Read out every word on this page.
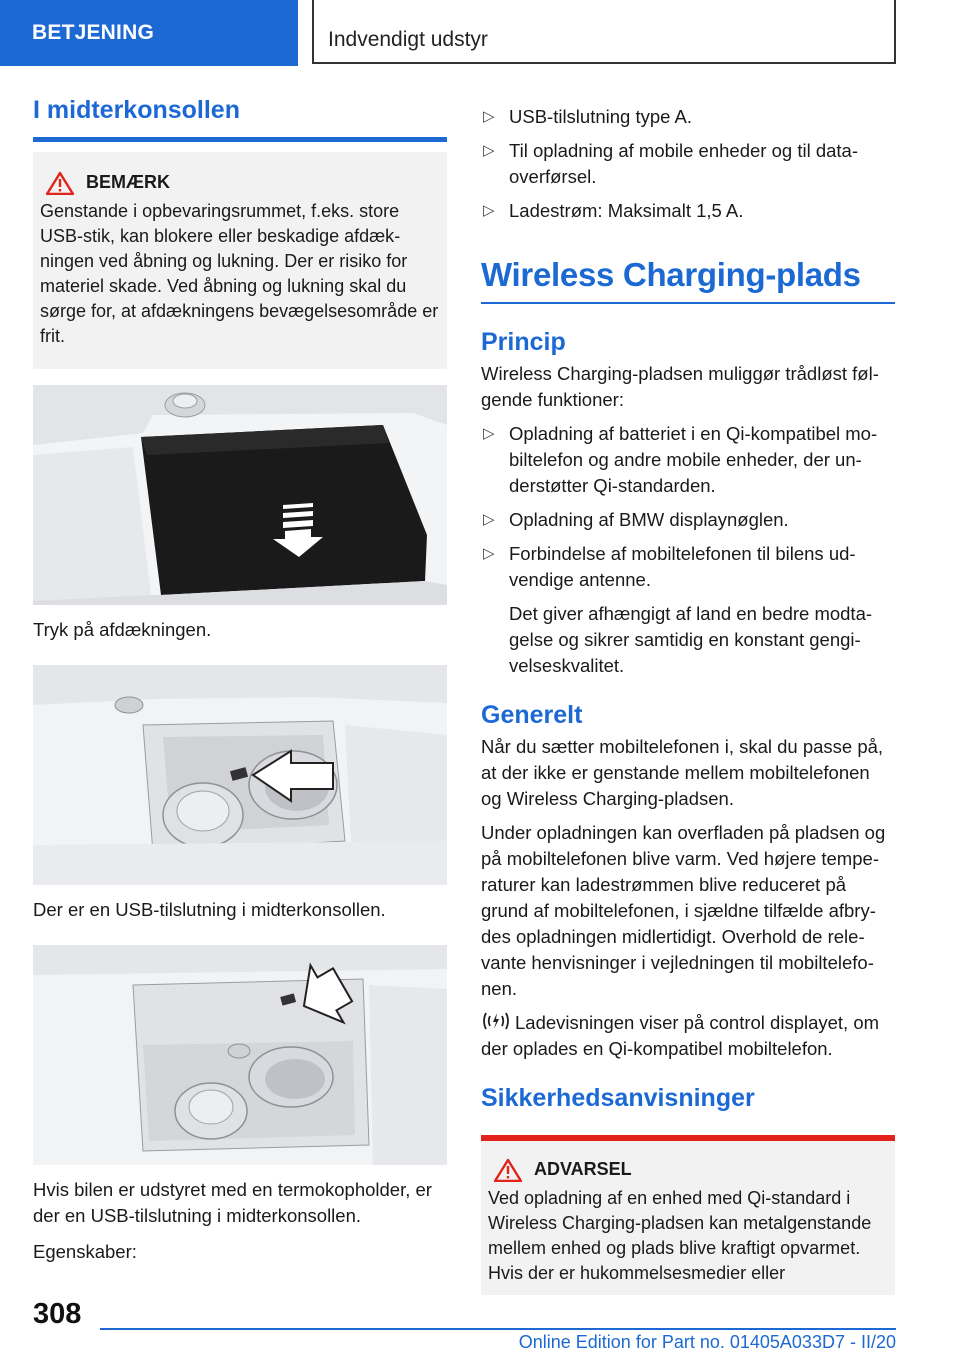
BETJENING	Indvendigt udstyr
I midterkonsollen
BEMÆRK
Genstande i opbevaringsrummet, f.eks. store USB-stik, kan blokere eller beskadige afdækningen ved åbning og lukning. Der er risiko for materiel skade. Ved åbning og lukning skal du sørge for, at afdækningens bevægelsesområde er frit.

Tryk på afdækningen.

Der er en USB-tilslutning i midterkonsollen.

Hvis bilen er udstyret med en termokopholder, er der en USB-tilslutning i midterkonsollen.

Egenskaber:

▷ USB-tilslutning type A.
▷ Til opladning af mobile enheder og til dataoverførsel.
▷ Ladestrøm: Maksimalt 1,5 A.
Wireless Charging-plads
Princip

Wireless Charging-pladsen muliggør trådløst følgende funktioner:

▷ Opladning af batteriet i en Qi-kompatibel mobiltelefon og andre mobile enheder, der understøtter Qi-standarden.
▷ Opladning af BMW displaynøglen.
▷ Forbindelse af mobiltelefonen til bilens udvendige antenne.
Det giver afhængigt af land en bedre modtagelse og sikrer samtidig en konstant gengivelseskvalitet.
Generelt

Når du sætter mobiltelefonen i, skal du passe på, at der ikke er genstande mellem mobiltelefonen og Wireless Charging-pladsen.

Under opladningen kan overfladen på pladsen og på mobiltelefonen blive varm. Ved højere temperaturer kan ladestrømmen blive reduceret på grund af mobiltelefonen, i sjældne tilfælde afbrydes opladningen midlertidigt. Overhold de relevante henvisninger i vejledningen til mobiltelefonen.

Ladevisningen viser på control displayet, om der oplades en Qi-kompatibel mobiltelefon.

Sikkerhedsanvisninger
ADVARSEL
Ved opladning af en enhed med Qi-standard i Wireless Charging-pladsen kan metalgenstande mellem enhed og plads blive kraftigt opvarmet. Hvis der er hukommelsesmedier eller
308
Online Edition for Part no. 01405A033D7 - II/20
